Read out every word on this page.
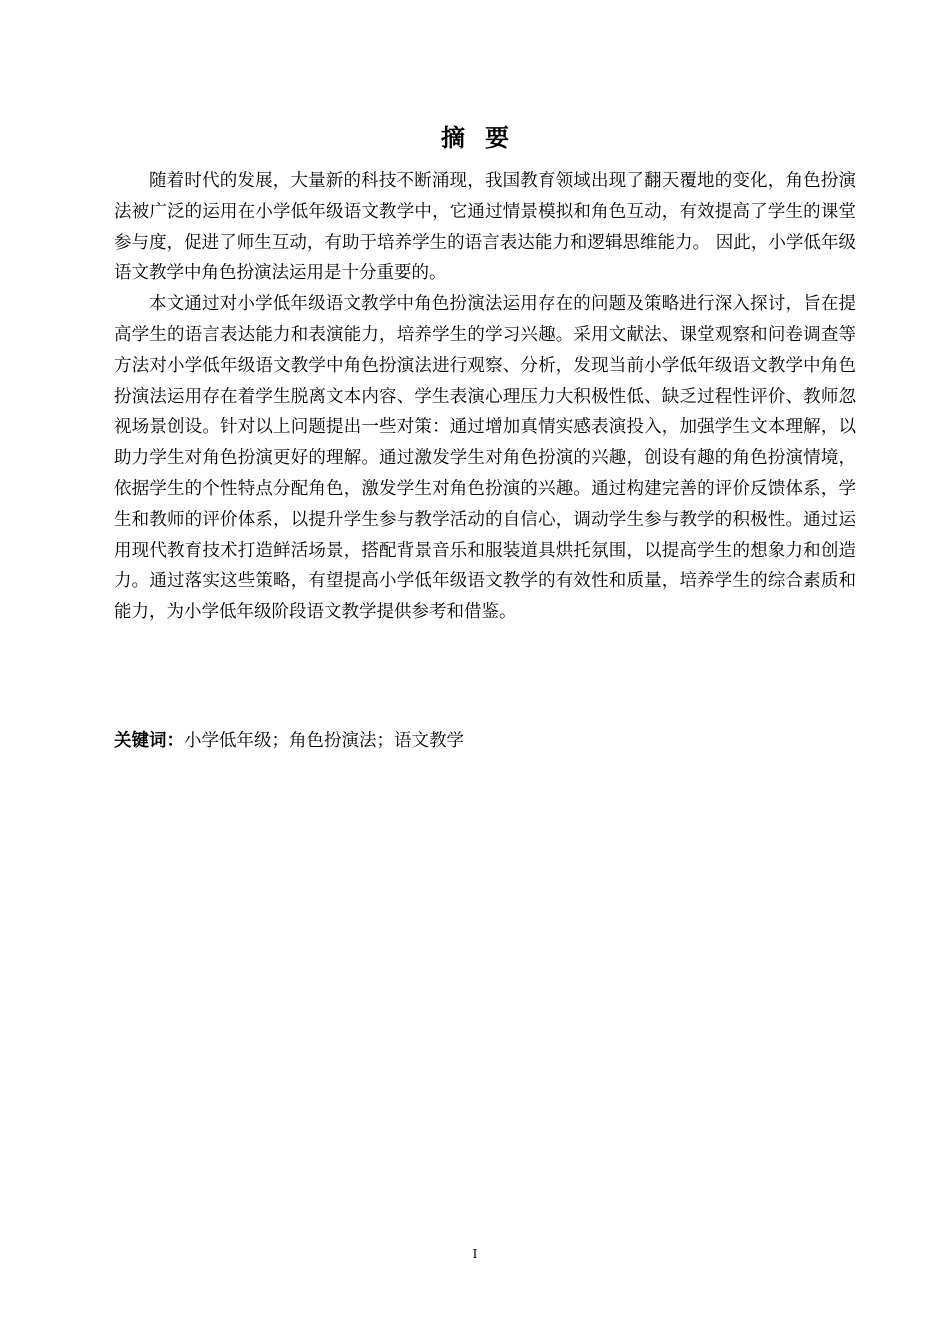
摘要

随着时代的发展，大量新的科技不断涌现，我国教育领域出现了翻天覆地的变化，角色扮演法被广泛的运用在小学低年级语文教学中，它通过情景模拟和角色互动，有效提高了学生的课堂参与度，促进了师生互动，有助于培养学生的语言表达能力和逻辑思维能力。 因此，小学低年级语文教学中角色扮演法运用是十分重要的。

本文通过对小学低年级语文教学中角色扮演法运用存在的问题及策略进行深入探讨，旨在提高学生的语言表达能力和表演能力，培养学生的学习兴趣。采用文献法、课堂观察和问卷调查等方法对小学低年级语文教学中角色扮演法进行观察、分析，发现当前小学低年级语文教学中角色扮演法运用存在着学生脱离文本内容、学生表演心理压力大积极性低、缺乏过程性评价、教师忽视场景创设。针对以上问题提出一些对策：通过增加真情实感表演投入，加强学生文本理解，以助力学生对角色扮演更好的理解。通过激发学生对角色扮演的兴趣，创设有趣的角色扮演情境，依据学生的个性特点分配角色，激发学生对角色扮演的兴趣。通过构建完善的评价反馈体系，学生和教师的评价体系，以提升学生参与教学活动的自信心，调动学生参与教学的积极性。通过运用现代教育技术打造鲜活场景，搭配背景音乐和服装道具烘托氛围，以提高学生的想象力和创造力。通过落实这些策略，有望提高小学低年级语文教学的有效性和质量，培养学生的综合素质和能力，为小学低年级阶段语文教学提供参考和借鉴。

关键词：小学低年级；角色扮演法；语文教学
I
